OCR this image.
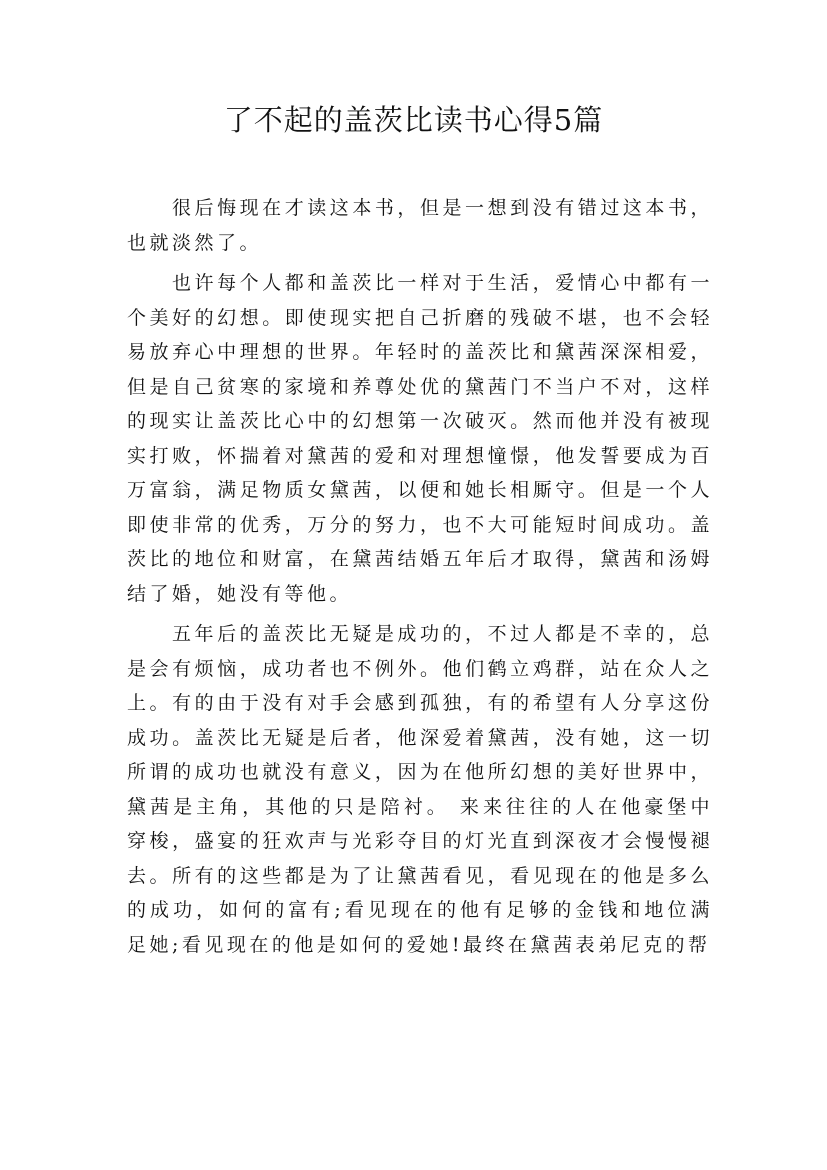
了不起的盖茨比读书心得5篇

很后悔现在才读这本书，但是一想到没有错过这本书，也就淡然了。

也许每个人都和盖茨比一样对于生活，爱情心中都有一个美好的幻想。即使现实把自己折磨的残破不堪，也不会轻易放弃心中理想的世界。年轻时的盖茨比和黛茜深深相爱，但是自己贫寒的家境和养尊处优的黛茜门不当户不对，这样的现实让盖茨比心中的幻想第一次破灭。然而他并没有被现实打败，怀揣着对黛茜的爱和对理想憧憬，他发誓要成为百万富翁，满足物质女黛茜，以便和她长相厮守。但是一个人即使非常的优秀，万分的努力，也不大可能短时间成功。盖茨比的地位和财富，在黛茜结婚五年后才取得，黛茜和汤姆结了婚，她没有等他。

五年后的盖茨比无疑是成功的，不过人都是不幸的，总是会有烦恼，成功者也不例外。他们鹤立鸡群，站在众人之上。有的由于没有对手会感到孤独，有的希望有人分享这份成功。盖茨比无疑是后者，他深爱着黛茜，没有她，这一切所谓的成功也就没有意义，因为在他所幻想的美好世界中，黛茜是主角，其他的只是陪衬。 来来往往的人在他豪堡中穿梭，盛宴的狂欢声与光彩夺目的灯光直到深夜才会慢慢褪去。所有的这些都是为了让黛茜看见，看见现在的他是多么的成功，如何的富有;看见现在的他有足够的金钱和地位满足她;看见现在的他是如何的爱她!最终在黛茜表弟尼克的帮
